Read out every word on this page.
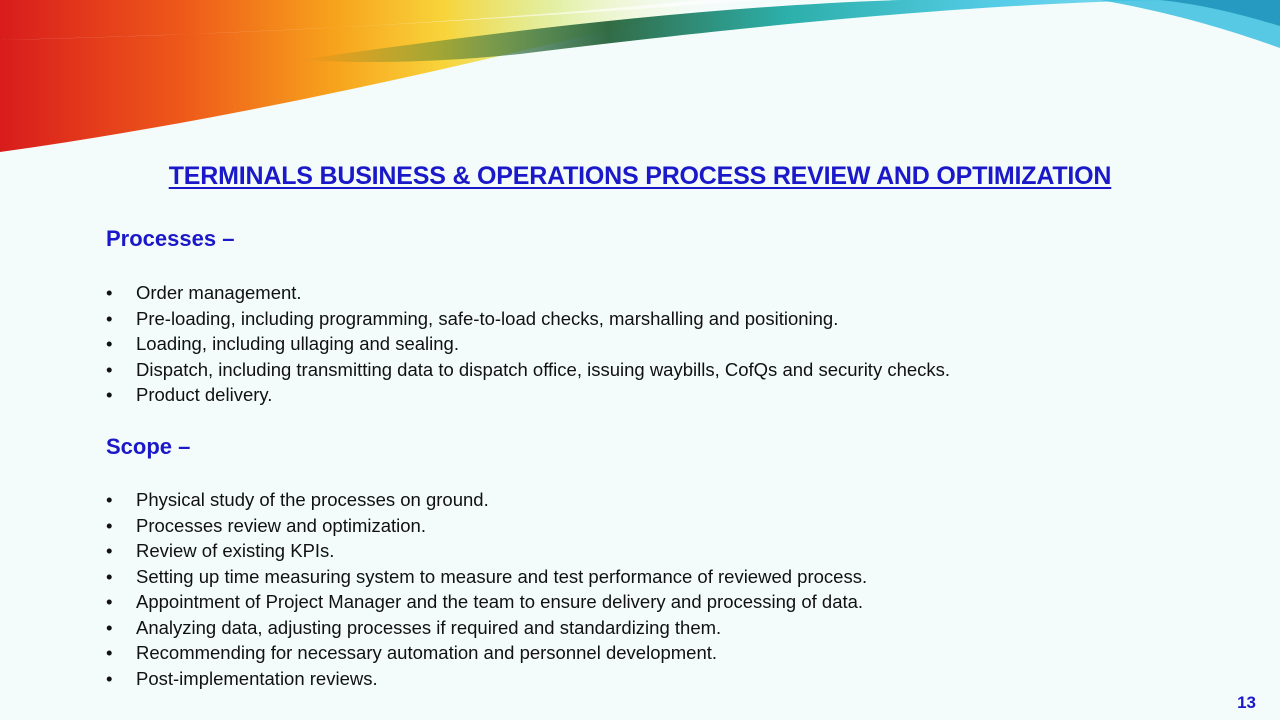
TERMINALS BUSINESS & OPERATIONS PROCESS REVIEW AND OPTIMIZATION
Processes –
• Order management.
• Pre-loading, including programming, safe-to-load checks, marshalling and positioning.
• Loading, including ullaging and sealing.
• Dispatch, including transmitting data to dispatch office, issuing waybills, CofQs and security checks.
• Product delivery.
Scope –
• Physical study of the processes on ground.
• Processes review and optimization.
• Review of existing KPIs.
• Setting up time measuring system to measure and test performance of reviewed process.
• Appointment of Project Manager and the team to ensure delivery and processing of data.
• Analyzing data, adjusting processes if required and standardizing them.
• Recommending for necessary automation and personnel development.
• Post-implementation reviews.
13
